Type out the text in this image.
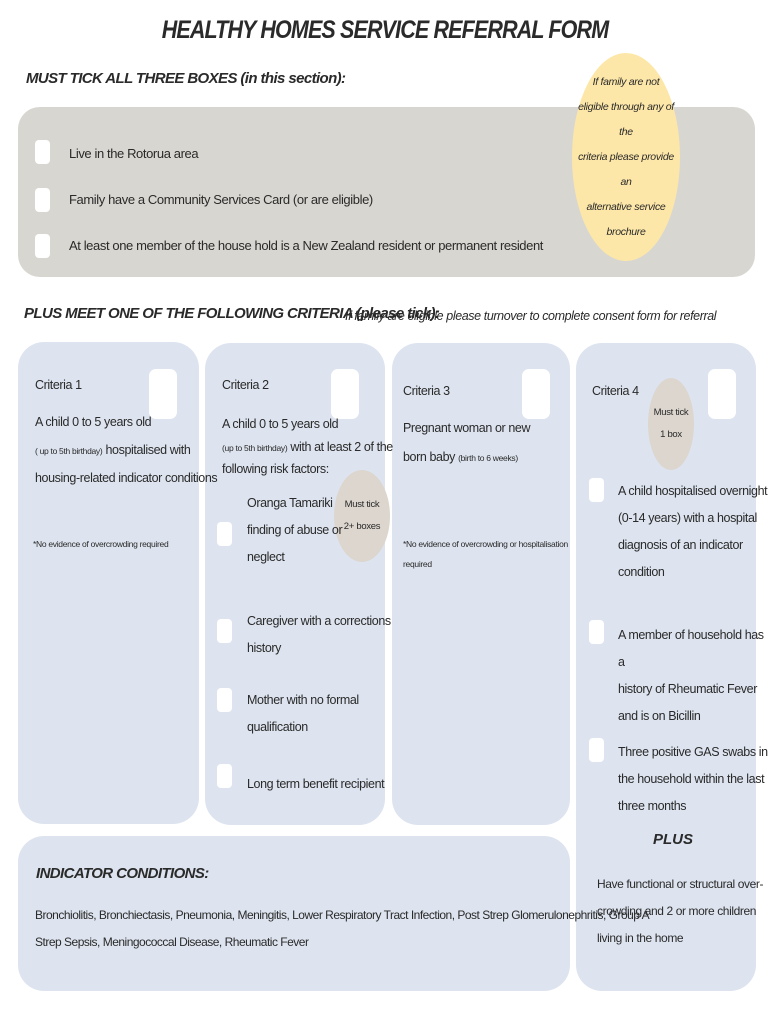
HEALTHY HOMES SERVICE REFERRAL FORM
MUST TICK ALL THREE BOXES (in this section):
Live in the Rotorua area
Family have a Community Services Card (or are eligible)
At least one member of the house hold is a New Zealand resident or permanent resident
If family are not
eligible through any of the
criteria please provide an
alternative service
brochure
PLUS MEET ONE OF THE FOLLOWING CRITERIA (please tick):
If family are eligible please turnover to complete consent form for referral
Criteria 1
A child 0 to 5 years old
( up to 5th birthday) hospitalised with
housing-related indicator conditions
*No evidence of overcrowding required
Criteria 2
A child 0 to 5 years old
(up to 5th birthday) with at least 2 of the
following risk factors:
Must tick
2+ boxes
Oranga Tamariki
finding of abuse or
neglect
Caregiver with a corrections
history
Mother with no formal
qualification
Long term benefit recipient
Criteria 3
Pregnant woman or new
born baby (birth to 6 weeks)
*No evidence of overcrowding or hospitalisation
required
Criteria 4
Must tick
1 box
A child hospitalised overnight
(0-14 years) with a hospital
diagnosis of an indicator
condition
A member of household has a
history of Rheumatic Fever
and is on Bicillin
Three positive GAS swabs in
the household within the last
three months
PLUS
Have functional or structural over-
crowding and 2 or more children
living in the home
INDICATOR CONDITIONS:
Bronchiolitis, Bronchiectasis, Pneumonia, Meningitis, Lower Respiratory Tract Infection, Post Strep Glomerulonephritis, Group A
Strep Sepsis, Meningococcal Disease, Rheumatic Fever
